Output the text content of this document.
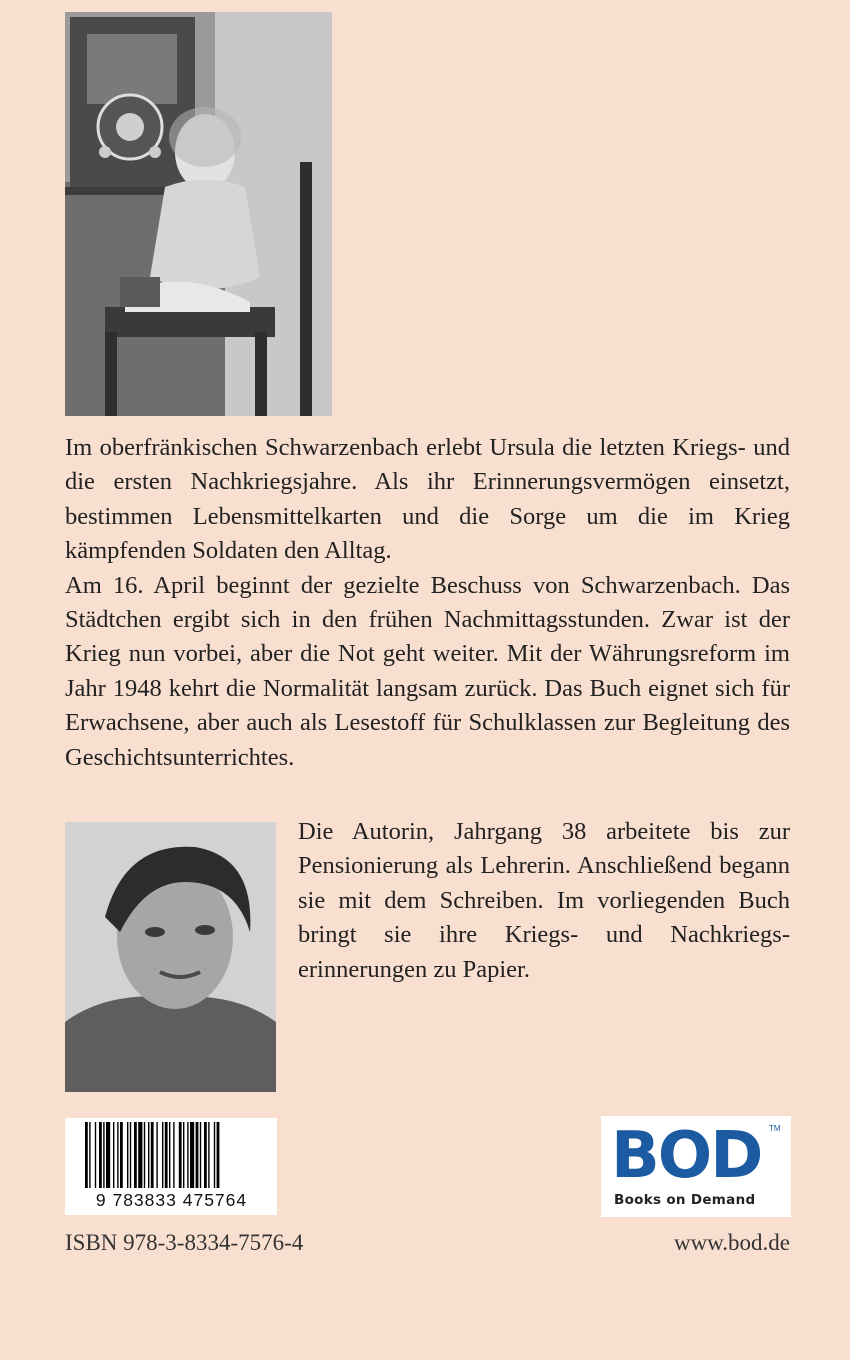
Im oberfränkischen Schwarzenbach erlebt Ursula die letzten Kriegs- und die ersten Nachkriegsjahre. Als ihr Erinnerungsvermögen einsetzt, bestimmen Lebensmittelkarten und die Sorge um die im Krieg kämpfenden Soldaten den Alltag.

Am 16. April beginnt der gezielte Beschuss von Schwarzenbach. Das Städtchen ergibt sich in den frühen Nachmittagsstunden. Zwar ist der Krieg nun vorbei, aber die Not geht weiter. Mit der Währungsreform im Jahr 1948 kehrt die Normalität langsam zurück. Das Buch eignet sich für Erwachsene, aber auch als Lesestoff für Schulklassen zur Begleitung des Geschichtsunterrichtes.

Die Autorin, Jahrgang 38 arbeitete bis zur Pensionierung als Lehrerin. Anschließend begann sie mit dem Schreiben. Im vorliegenden Buch bringt sie ihre Kriegs- und Nachkriegserinnerungen zu Papier.

9 783833 475764
BOD TM
Books on Demand
ISBN 978-3-8334-7576-4	www.bod.de
